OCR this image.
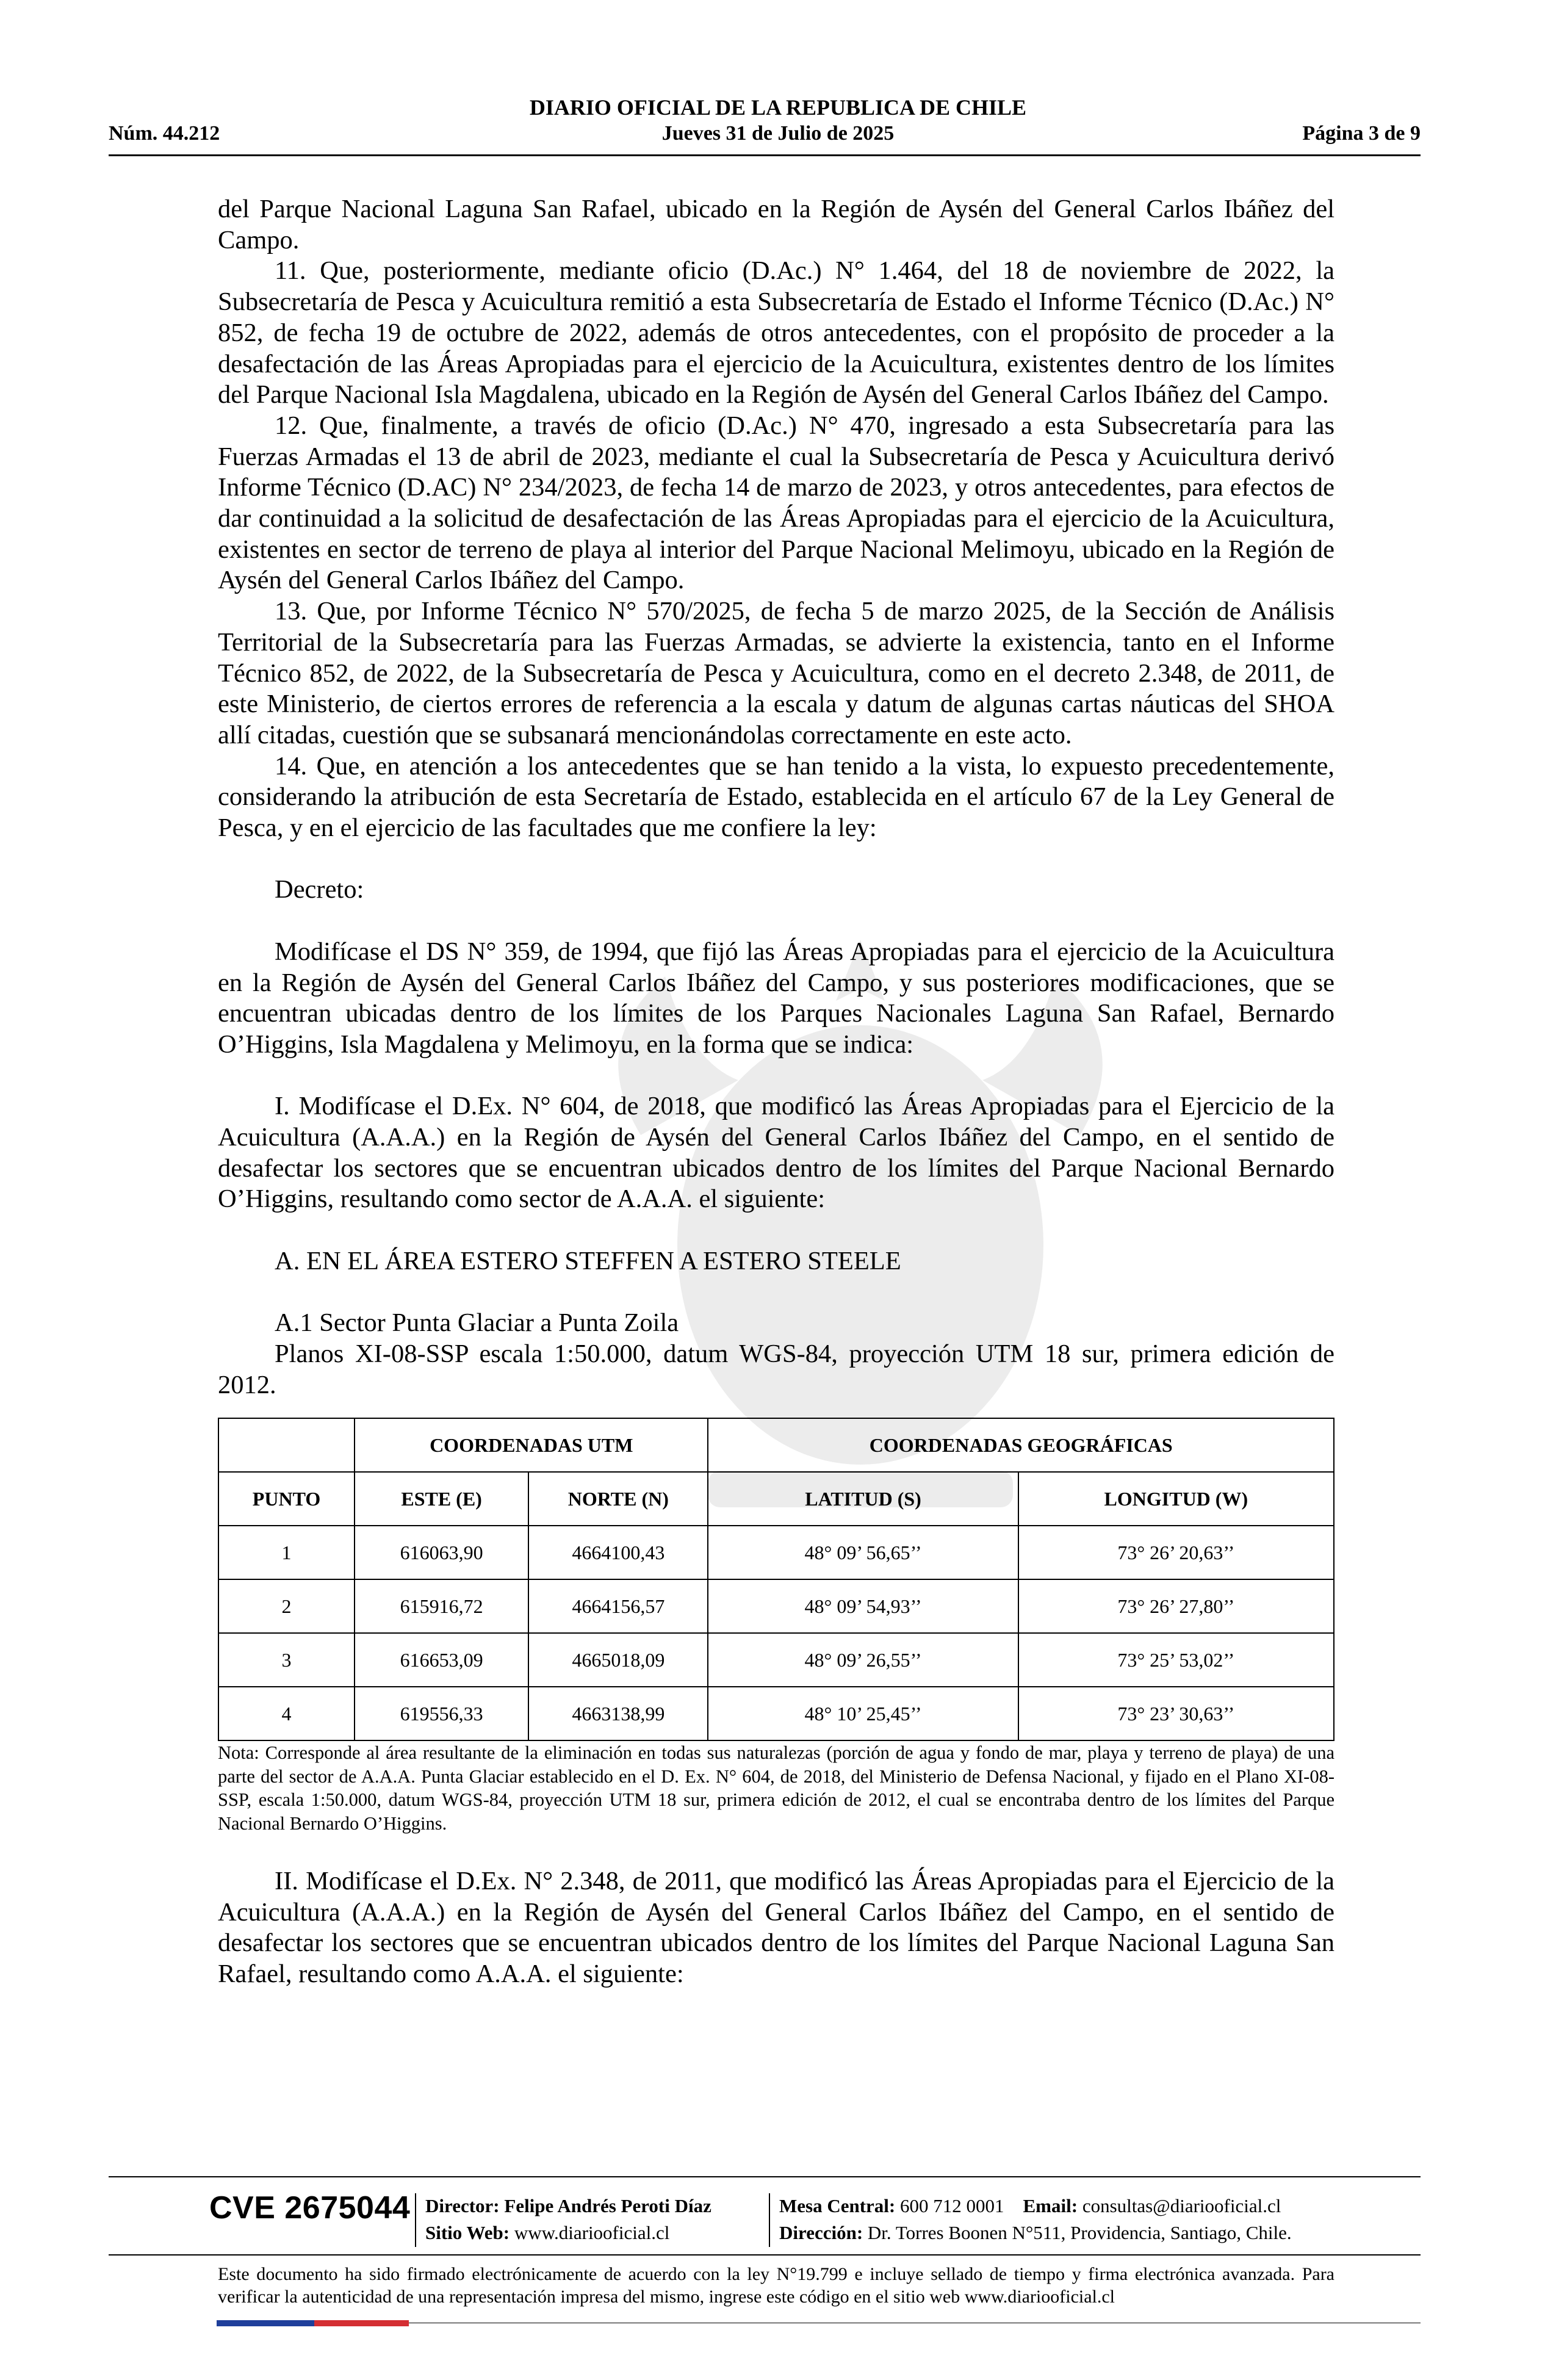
DIARIO OFICIAL DE LA REPUBLICA DE CHILE
Núm. 44.212	Jueves 31 de Julio de 2025	Página 3 de 9

del Parque Nacional Laguna San Rafael, ubicado en la Región de Aysén del General Carlos Ibáñez del Campo.

11. Que, posteriormente, mediante oficio (D.Ac.) N° 1.464, del 18 de noviembre de 2022, la Subsecretaría de Pesca y Acuicultura remitió a esta Subsecretaría de Estado el Informe Técnico (D.Ac.) N° 852, de fecha 19 de octubre de 2022, además de otros antecedentes, con el propósito de proceder a la desafectación de las Áreas Apropiadas para el ejercicio de la Acuicultura, existentes dentro de los límites del Parque Nacional Isla Magdalena, ubicado en la Región de Aysén del General Carlos Ibáñez del Campo.

12. Que, finalmente, a través de oficio (D.Ac.) N° 470, ingresado a esta Subsecretaría para las Fuerzas Armadas el 13 de abril de 2023, mediante el cual la Subsecretaría de Pesca y Acuicultura derivó Informe Técnico (D.AC) N° 234/2023, de fecha 14 de marzo de 2023, y otros antecedentes, para efectos de dar continuidad a la solicitud de desafectación de las Áreas Apropiadas para el ejercicio de la Acuicultura, existentes en sector de terreno de playa al interior del Parque Nacional Melimoyu, ubicado en la Región de Aysén del General Carlos Ibáñez del Campo.

13. Que, por Informe Técnico N° 570/2025, de fecha 5 de marzo 2025, de la Sección de Análisis Territorial de la Subsecretaría para las Fuerzas Armadas, se advierte la existencia, tanto en el Informe Técnico 852, de 2022, de la Subsecretaría de Pesca y Acuicultura, como en el decreto 2.348, de 2011, de este Ministerio, de ciertos errores de referencia a la escala y datum de algunas cartas náuticas del SHOA allí citadas, cuestión que se subsanará mencionándolas correctamente en este acto.

14. Que, en atención a los antecedentes que se han tenido a la vista, lo expuesto precedentemente, considerando la atribución de esta Secretaría de Estado, establecida en el artículo 67 de la Ley General de Pesca, y en el ejercicio de las facultades que me confiere la ley:

Decreto:

Modifícase el DS N° 359, de 1994, que fijó las Áreas Apropiadas para el ejercicio de la Acuicultura en la Región de Aysén del General Carlos Ibáñez del Campo, y sus posteriores modificaciones, que se encuentran ubicadas dentro de los límites de los Parques Nacionales Laguna San Rafael, Bernardo O’Higgins, Isla Magdalena y Melimoyu, en la forma que se indica:

I. Modifícase el D.Ex. N° 604, de 2018, que modificó las Áreas Apropiadas para el Ejercicio de la Acuicultura (A.A.A.) en la Región de Aysén del General Carlos Ibáñez del Campo, en el sentido de desafectar los sectores que se encuentran ubicados dentro de los límites del Parque Nacional Bernardo O’Higgins, resultando como sector de A.A.A. el siguiente:

A. EN EL ÁREA ESTERO STEFFEN A ESTERO STEELE

A.1 Sector Punta Glaciar a Punta Zoila

Planos XI-08-SSP escala 1:50.000, datum WGS-84, proyección UTM 18 sur, primera edición de 2012.

	COORDENADAS UTM		COORDENADAS GEOGRÁFICAS	
PUNTO	ESTE (E)	NORTE (N)	LATITUD (S)	LONGITUD (W)
1	616063,90	4664100,43	48° 09’ 56,65’’	73° 26’ 20,63’’
2	615916,72	4664156,57	48° 09’ 54,93’’	73° 26’ 27,80’’
3	616653,09	4665018,09	48° 09’ 26,55’’	73° 25’ 53,02’’
4	619556,33	4663138,99	48° 10’ 25,45’’	73° 23’ 30,63’’

Nota: Corresponde al área resultante de la eliminación en todas sus naturalezas (porción de agua y fondo de mar, playa y terreno de playa) de una parte del sector de A.A.A. Punta Glaciar establecido en el D. Ex. N° 604, de 2018, del Ministerio de Defensa Nacional, y fijado en el Plano XI-08-SSP, escala 1:50.000, datum WGS-84, proyección UTM 18 sur, primera edición de 2012, el cual se encontraba dentro de los límites del Parque Nacional Bernardo O’Higgins.

II. Modifícase el D.Ex. N° 2.348, de 2011, que modificó las Áreas Apropiadas para el Ejercicio de la Acuicultura (A.A.A.) en la Región de Aysén del General Carlos Ibáñez del Campo, en el sentido de desafectar los sectores que se encuentran ubicados dentro de los límites del Parque Nacional Laguna San Rafael, resultando como A.A.A. el siguiente:

CVE 2675044 Director: Felipe Andrés Peroti Díaz
Sitio Web: www.diariooficial.cl
Mesa Central: 600 712 0001 Email: consultas@diariooficial.cl
Dirección: Dr. Torres Boonen N°511, Providencia, Santiago, Chile.
Este documento ha sido firmado electrónicamente de acuerdo con la ley N°19.799 e incluye sellado de tiempo y firma electrónica avanzada. Para verificar la autenticidad de una representación impresa del mismo, ingrese este código en el sitio web www.diariooficial.cl
